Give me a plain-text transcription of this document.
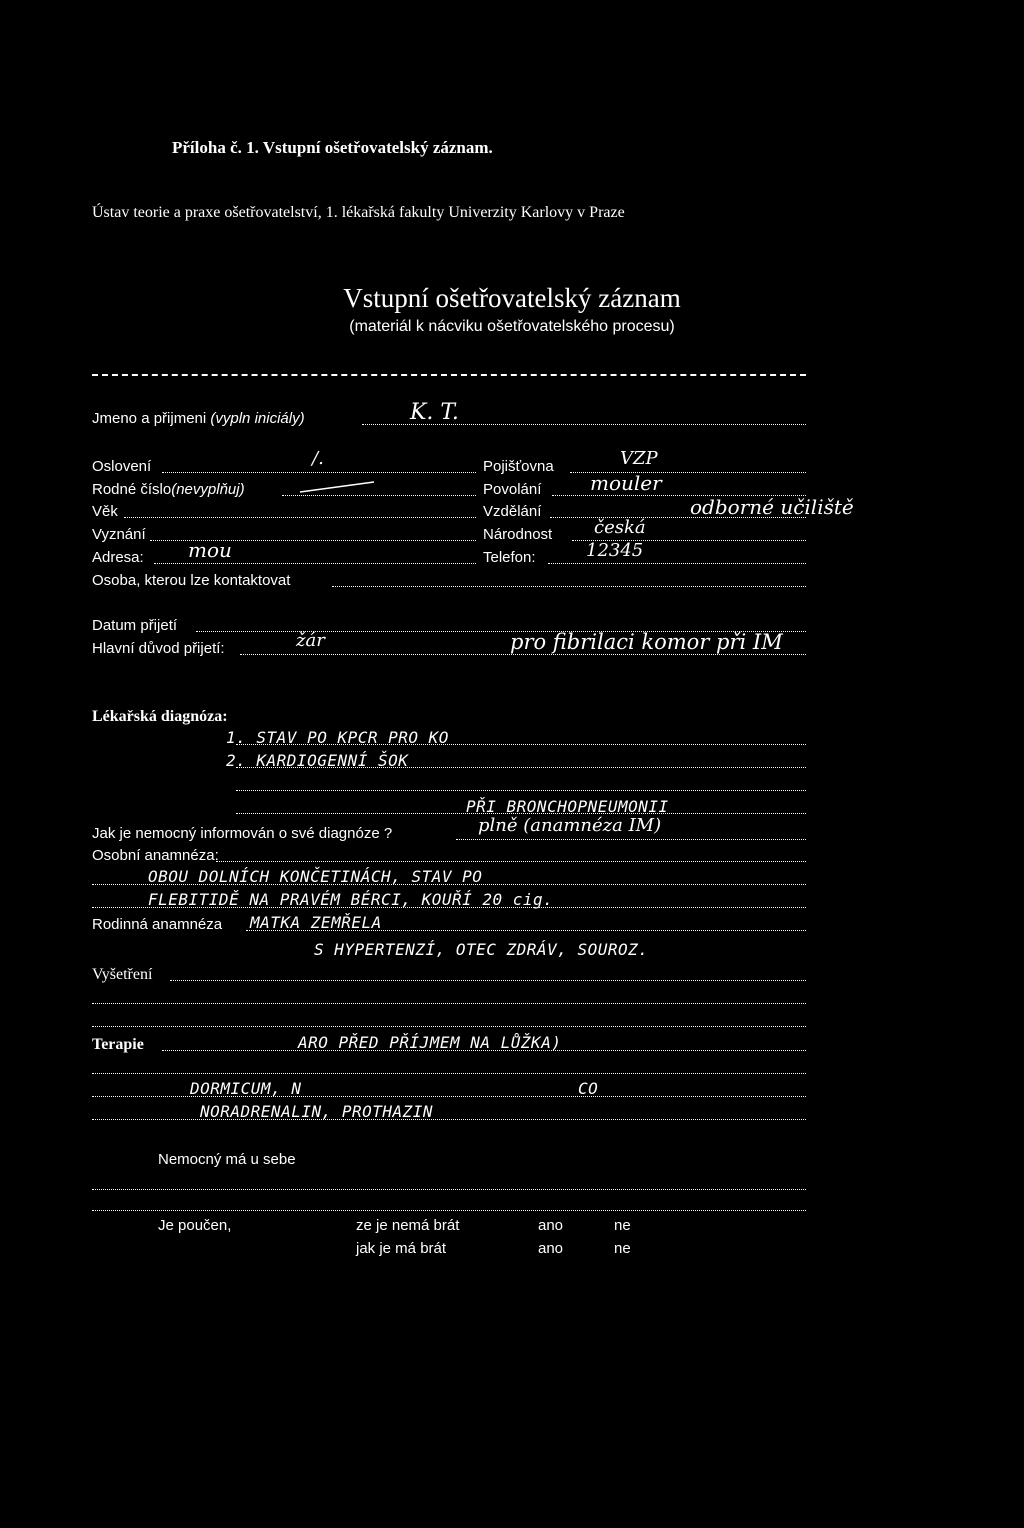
Příloha č. 1. Vstupní ošetřovatelský záznam.
Ústav teorie a praxe ošetřovatelství, 1. lékařská fakulty Univerzity Karlovy v Praze
Vstupní ošetřovatelský záznam
(materiál k nácviku ošetřovatelského procesu)
Jmeno a přijmeni (vypln iniciály)	K. T.
Oslovení	/.	Pojišťovna	VZP
Rodné číslo(nevyplňuj)	Povolání mouler
Věk	Vzdělání	odborné učiliště
Vyznání	Národnost česká
Adresa: mou	Telefon:	12345
Osoba, kterou lze kontaktovat
Datum přijetí
Hlavní důvod přijetí:	žár	pro fibrilaci komor při IM
Lékařská diagnóza:
1. STAV PO KPCR PRO KO
2. KARDIOGENNÍ ŠOK
PŘI BRONCHOPNEUMONII
Jak je nemocný informován o své diagnóze ?	plně (anamnéza IM)
Osobní anamnéza:
OBOU DOLNÍCH KONČETINÁCH, STAV PO
FLEBITIDĚ NA PRAVÉM BÉRCI, KOUŘÍ 20 cig.
Rodinná anamnéza MATKA ZEMŘELA
S HYPERTENZÍ, OTEC ZDRÁV, SOUROZ.
Vyšetření
Terapie	ARO PŘED PŘÍJMEM NA LŮŽKA)
DORMICUM, N	CO
NORADRENALIN, PROTHAZIN
Nemocný má u sebe
Je poučen,	ze je nemá brát	ano	ne
jak je má brát	ano	ne
